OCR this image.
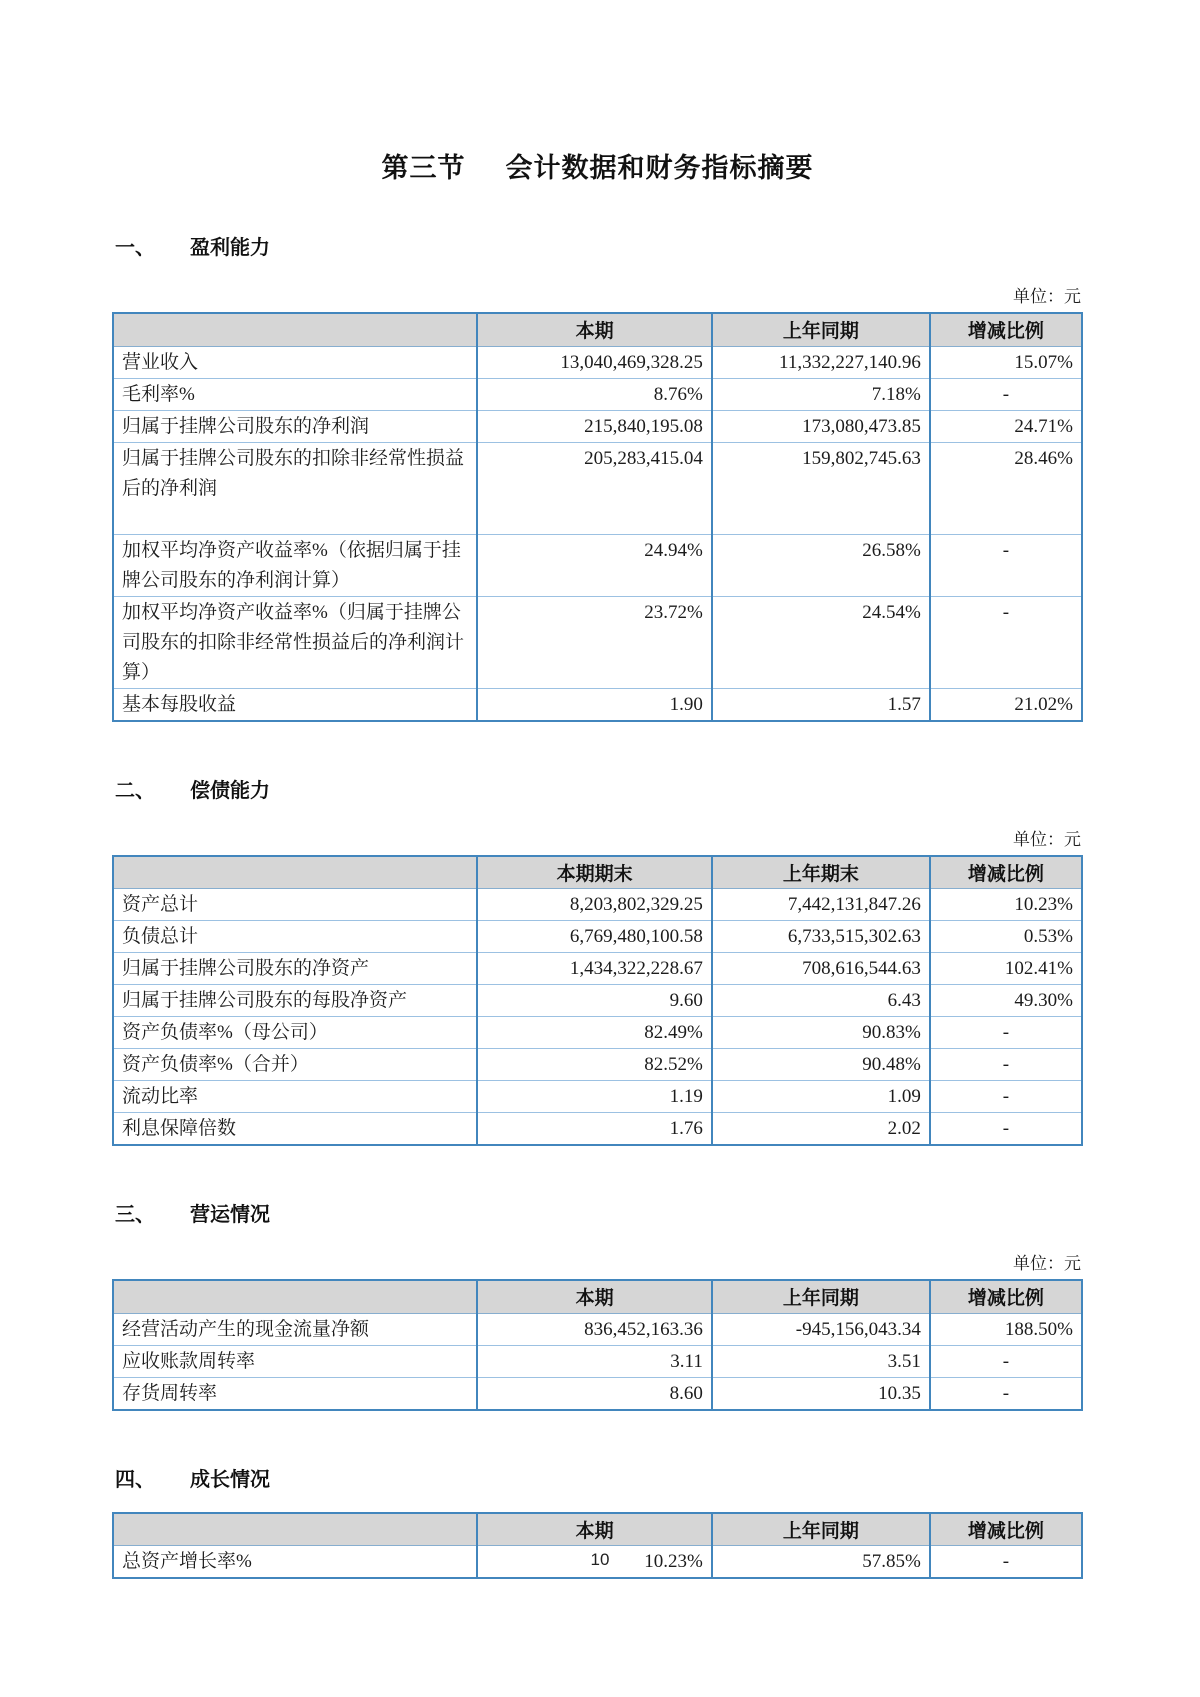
第三节 会计数据和财务指标摘要
一、 盈利能力
单位：元
	本期	上年同期	增减比例
营业收入	13,040,469,328.25	11,332,227,140.96	15.07%
毛利率%	8.76%	7.18%	-
归属于挂牌公司股东的净利润	215,840,195.08	173,080,473.85	24.71%
归属于挂牌公司股东的扣除非经常性损益后的净利润	205,283,415.04	159,802,745.63	28.46%
加权平均净资产收益率%（依据归属于挂牌公司股东的净利润计算）	24.94%	26.58%	-
加权平均净资产收益率%（归属于挂牌公司股东的扣除非经常性损益后的净利润计算）	23.72%	24.54%	-
基本每股收益	1.90	1.57	21.02%
二、 偿债能力
单位：元
	本期期末	上年期末	增减比例
资产总计	8,203,802,329.25	7,442,131,847.26	10.23%
负债总计	6,769,480,100.58	6,733,515,302.63	0.53%
归属于挂牌公司股东的净资产	1,434,322,228.67	708,616,544.63	102.41%
归属于挂牌公司股东的每股净资产	9.60	6.43	49.30%
资产负债率%（母公司）	82.49%	90.83%	-
资产负债率%（合并）	82.52%	90.48%	-
流动比率	1.19	1.09	-
利息保障倍数	1.76	2.02	-
三、 营运情况
单位：元
	本期	上年同期	增减比例
经营活动产生的现金流量净额	836,452,163.36	-945,156,043.34	188.50%
应收账款周转率	3.11	3.51	-
存货周转率	8.60	10.35	-
四、 成长情况
	本期	上年同期	增减比例
总资产增长率%	10.23%	57.85%	-
10
